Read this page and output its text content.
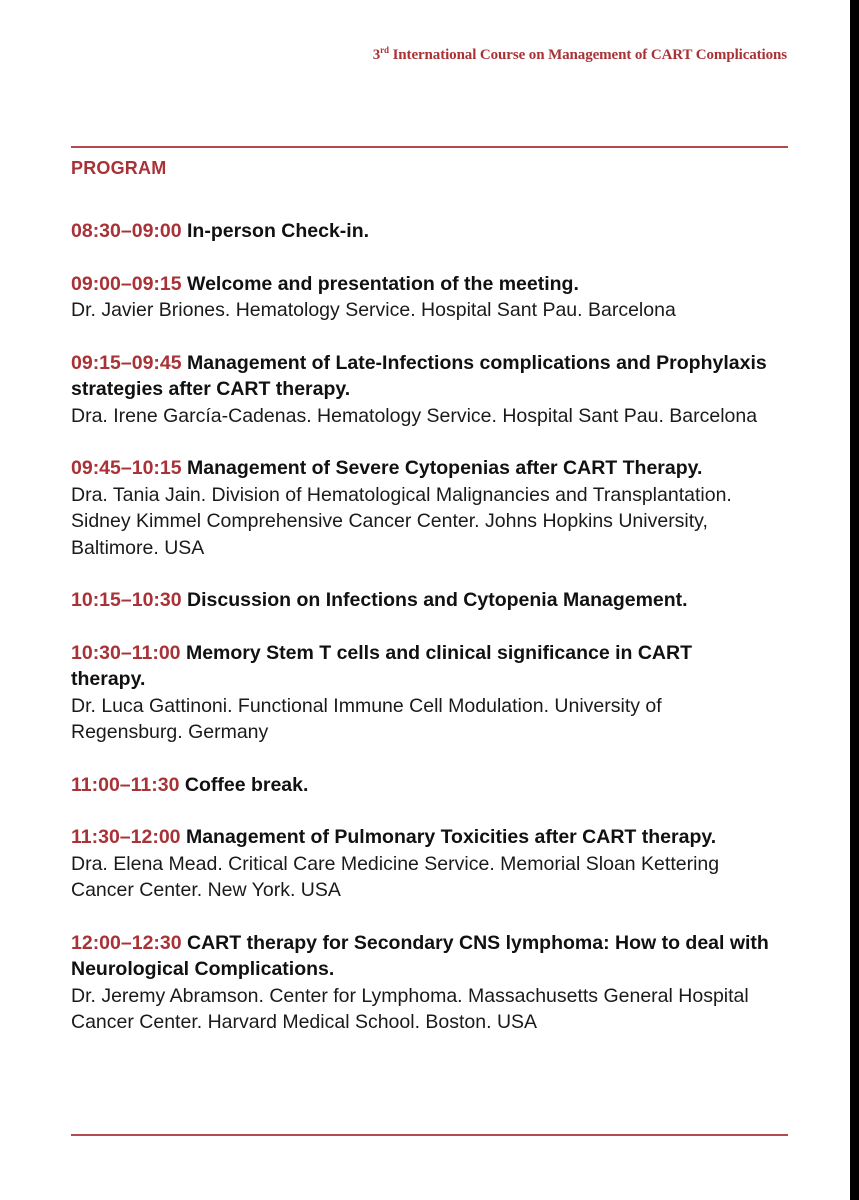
3rd International Course on Management of CART Complications
PROGRAM
08:30–09:00 In-person Check-in.
09:00–09:15 Welcome and presentation of the meeting.
Dr. Javier Briones. Hematology Service. Hospital Sant Pau. Barcelona
09:15–09:45 Management of Late-Infections complications and Prophylaxis strategies after CART therapy.
Dra. Irene García-Cadenas. Hematology Service. Hospital Sant Pau. Barcelona
09:45–10:15 Management of Severe Cytopenias after CART Therapy.
Dra. Tania Jain. Division of Hematological Malignancies and Transplantation. Sidney Kimmel Comprehensive Cancer Center. Johns Hopkins University, Baltimore. USA
10:15–10:30 Discussion on Infections and Cytopenia Management.
10:30–11:00 Memory Stem T cells and clinical significance in CART therapy.
Dr. Luca Gattinoni. Functional Immune Cell Modulation. University of Regensburg. Germany
11:00–11:30 Coffee break.
11:30–12:00 Management of Pulmonary Toxicities after CART therapy.
Dra. Elena Mead. Critical Care Medicine Service. Memorial Sloan Kettering Cancer Center. New York. USA
12:00–12:30 CART therapy for Secondary CNS lymphoma: How to deal with Neurological Complications.
Dr. Jeremy Abramson. Center for Lymphoma. Massachusetts General Hospital Cancer Center. Harvard Medical School. Boston. USA
